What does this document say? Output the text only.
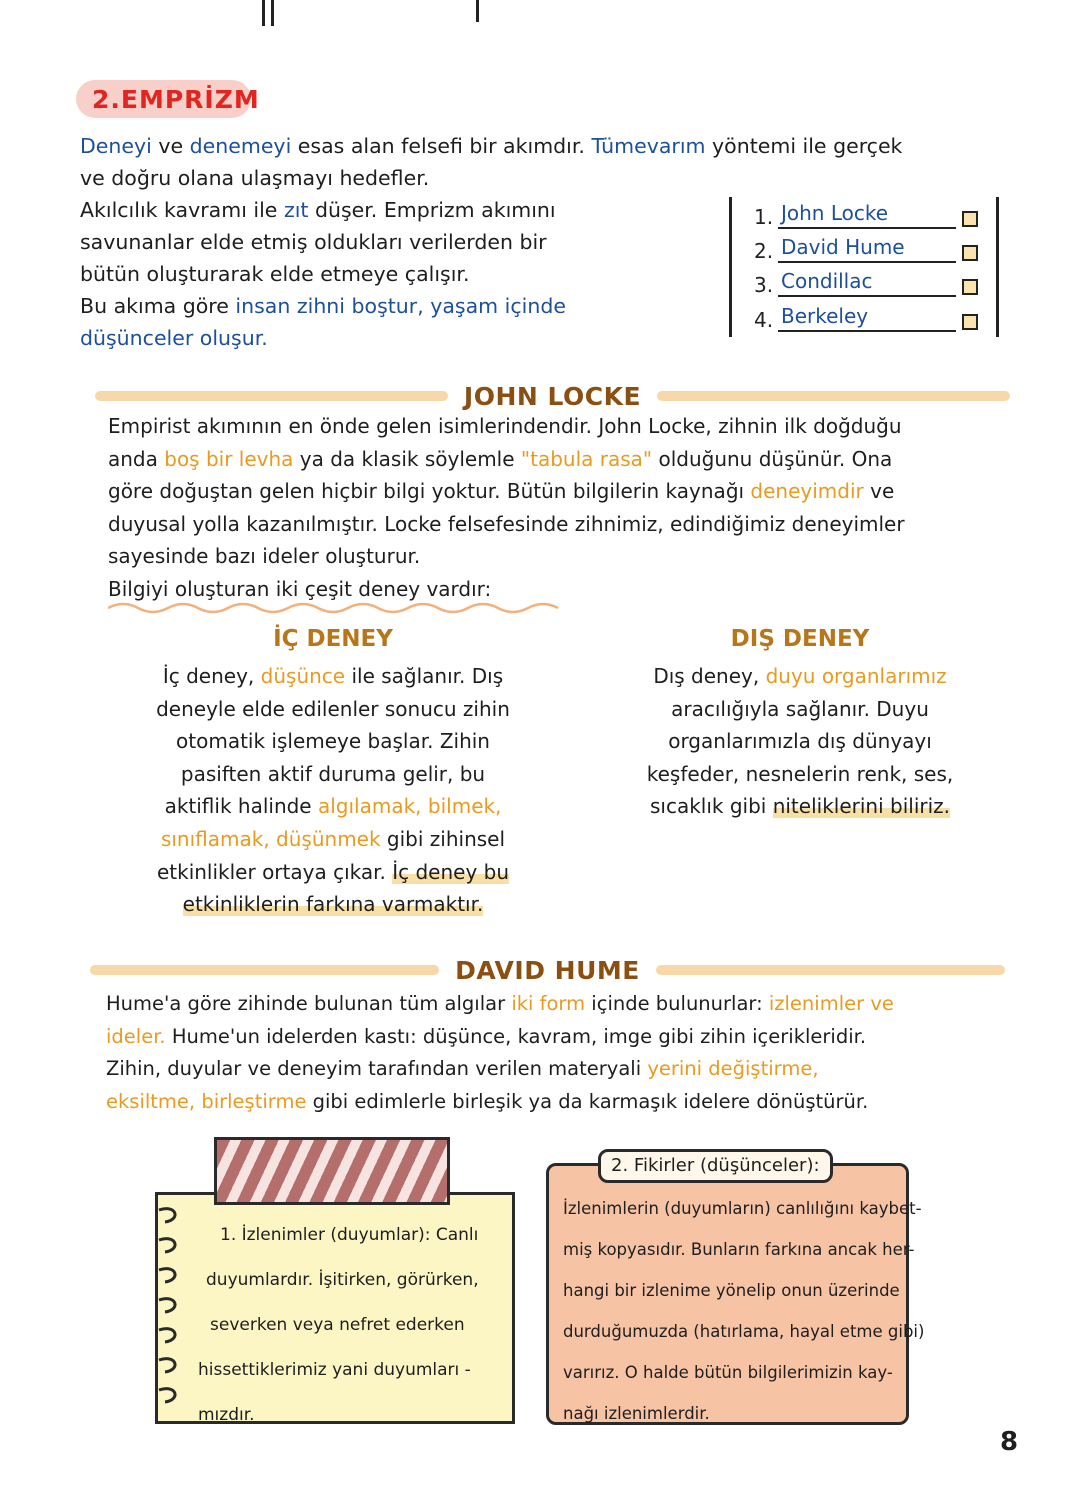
2.EMPRİZM

Deneyi ve denemeyi esas alan felsefi bir akımdır. Tümevarım yöntemi ile gerçek

ve doğru olana ulaşmayı hedefler.

Akılcılık kavramı ile zıt düşer. Emprizm akımını

savunanlar elde etmiş oldukları verilerden bir

bütün oluşturarak elde etmeye çalışır.

Bu akıma göre insan zihni boştur, yaşam içinde

düşünceler oluşur.

1. John Locke
2. David Hume
3. Condillac
4. Berkeley
JOHN LOCKE

Empirist akımının en önde gelen isimlerindendir. John Locke, zihnin ilk doğduğu

anda boş bir levha ya da klasik söylemle "tabula rasa" olduğunu düşünür. Ona

göre doğuştan gelen hiçbir bilgi yoktur. Bütün bilgilerin kaynağı deneyimdir ve

duyusal yolla kazanılmıştır. Locke felsefesinde zihnimiz, edindiğimiz deneyimler

sayesinde bazı ideler oluşturur.

Bilgiyi oluşturan iki çeşit deney vardır:

İÇ DENEY

İç deney, düşünce ile sağlanır. Dış

deneyle elde edilenler sonucu zihin

otomatik işlemeye başlar. Zihin

pasiften aktif duruma gelir, bu

aktiflik halinde algılamak, bilmek,

sınıflamak, düşünmek gibi zihinsel

etkinlikler ortaya çıkar. İç deney bu

etkinliklerin farkına varmaktır.

DIŞ DENEY

Dış deney, duyu organlarımız

aracılığıyla sağlanır. Duyu

organlarımızla dış dünyayı

keşfeder, nesnelerin renk, ses,

sıcaklık gibi niteliklerini biliriz.

DAVID HUME

Hume'a göre zihinde bulunan tüm algılar iki form içinde bulunurlar: izlenimler ve

ideler. Hume'un idelerden kastı: düşünce, kavram, imge gibi zihin içerikleridir.

Zihin, duyular ve deneyim tarafından verilen materyali yerini değiştirme,

eksiltme, birleştirme gibi edimlerle birleşik ya da karmaşık idelere dönüştürür.

1. İzlenimler (duyumlar): Canlı

duyumlardır. İşitirken, görürken,

severken veya nefret ederken

hissettiklerimiz yani duyumları -

mızdır.

İzlenimlerin (duyumların) canlılığını kaybet-

miş kopyasıdır. Bunların farkına ancak her-

hangi bir izlenime yönelip onun üzerinde

durduğumuzda (hatırlama, hayal etme gibi)

varırız. O halde bütün bilgilerimizin kay-

nağı izlenimlerdir.

2. Fikirler (düşünceler):
8
